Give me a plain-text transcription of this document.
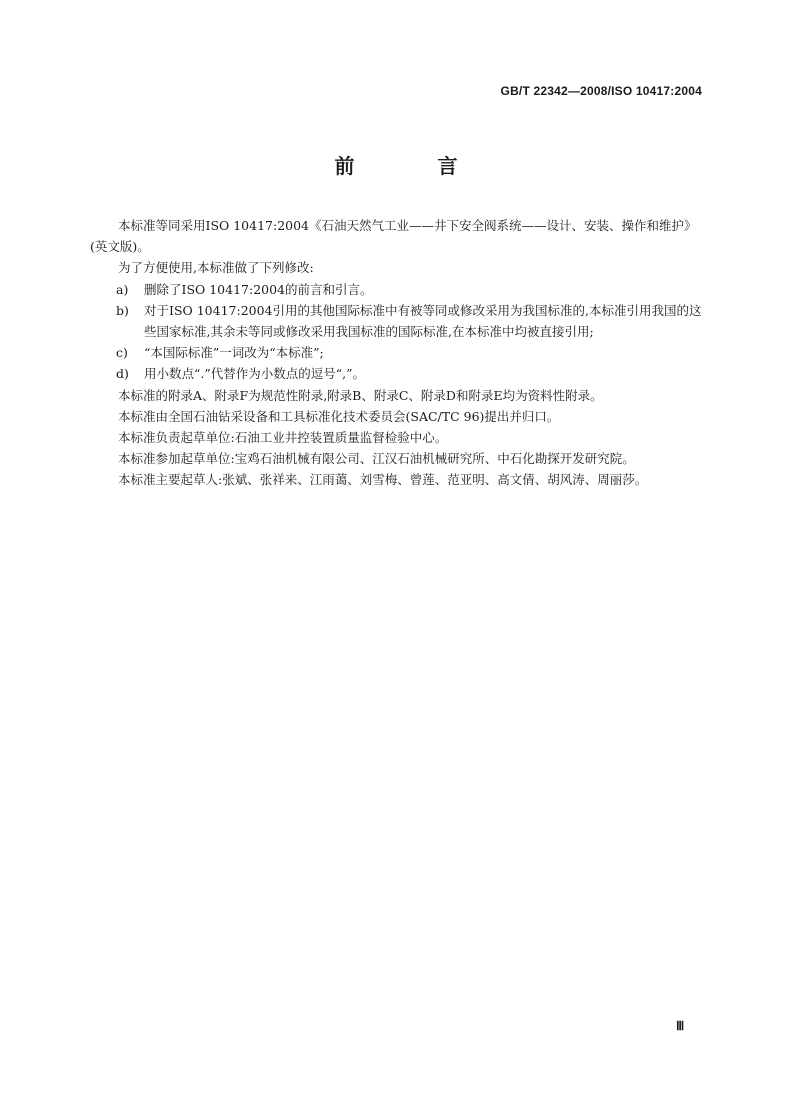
GB/T 22342—2008/ISO 10417:2004
前 言

本标准等同采用ISO 10417:2004《石油天然气工业——井下安全阀系统——设计、安装、操作和维护》(英文版)。

为了方便使用,本标准做了下列修改:

a) 删除了ISO 10417:2004的前言和引言。
b) 对于ISO 10417:2004引用的其他国际标准中有被等同或修改采用为我国标准的,本标准引用我国的这些国家标准,其余未等同或修改采用我国标准的国际标准,在本标准中均被直接引用;
c) “本国际标准”一词改为“本标准”;
d) 用小数点“.”代替作为小数点的逗号“,”。

本标准的附录A、附录F为规范性附录,附录B、附录C、附录D和附录E均为资料性附录。

本标准由全国石油钻采设备和工具标准化技术委员会(SAC/TC 96)提出并归口。

本标准负责起草单位:石油工业井控装置质量监督检验中心。

本标准参加起草单位:宝鸡石油机械有限公司、江汉石油机械研究所、中石化勘探开发研究院。

本标准主要起草人:张斌、张祥来、江雨蔼、刘雪梅、曾莲、范亚明、高文倩、胡风涛、周丽莎。

Ⅲ
